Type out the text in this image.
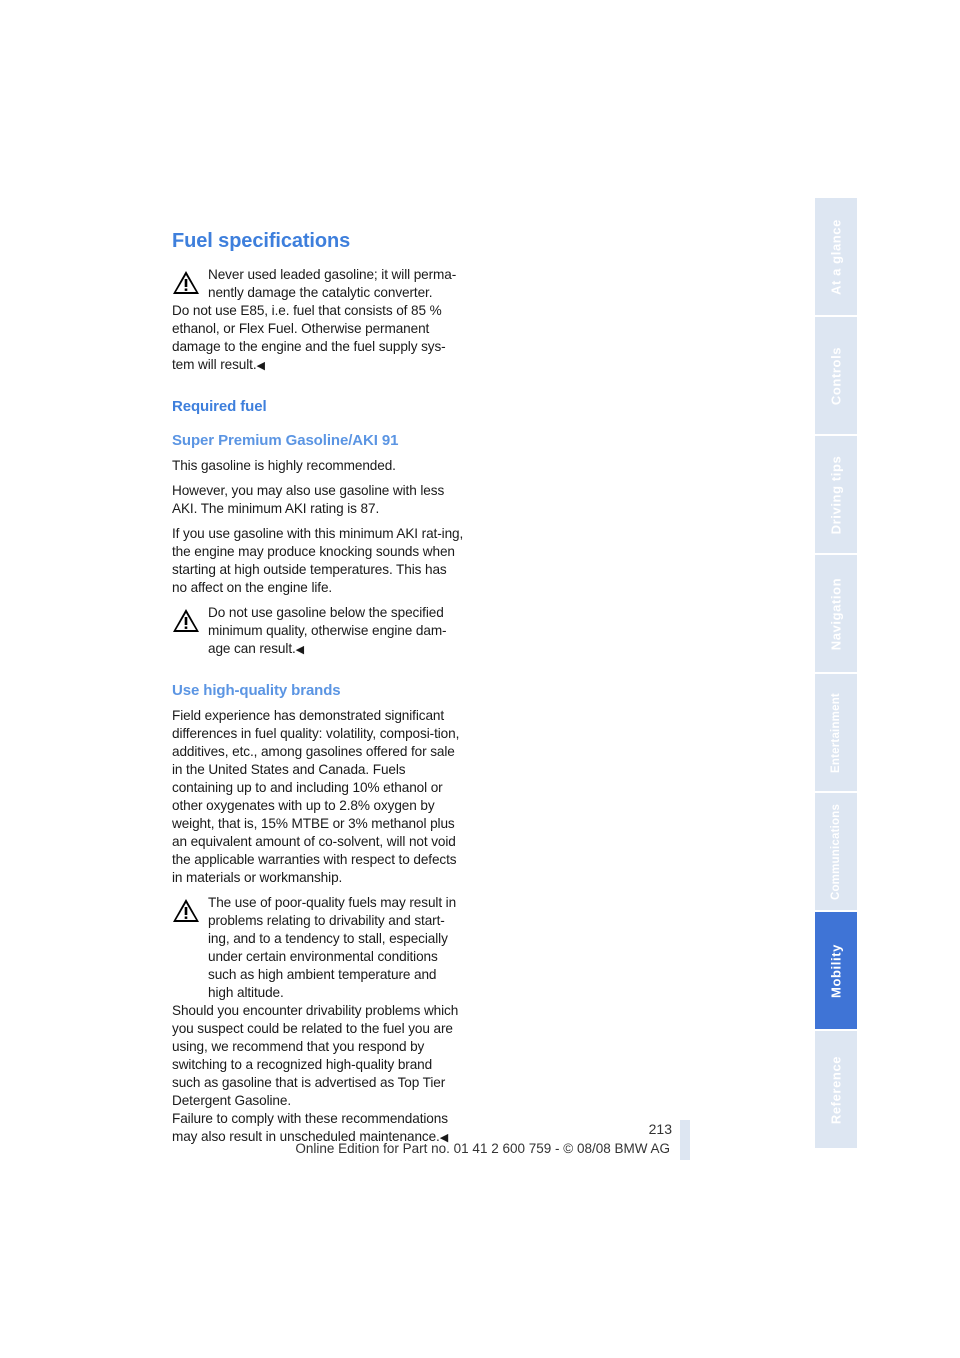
Fuel specifications
Never used leaded gasoline; it will perma-nently damage the catalytic converter.

Do not use E85, i.e. fuel that consists of 85 % ethanol, or Flex Fuel. Otherwise permanent damage to the engine and the fuel supply sys-tem will result.◀

Required fuel
Super Premium Gasoline/AKI 91

This gasoline is highly recommended.

However, you may also use gasoline with less AKI. The minimum AKI rating is 87.

If you use gasoline with this minimum AKI rat-ing, the engine may produce knocking sounds when starting at high outside temperatures. This has no affect on the engine life.

Do not use gasoline below the specified minimum quality, otherwise engine dam-age can result.◀
Use high-quality brands

Field experience has demonstrated significant differences in fuel quality: volatility, composi-tion, additives, etc., among gasolines offered for sale in the United States and Canada. Fuels containing up to and including 10% ethanol or other oxygenates with up to 2.8% oxygen by weight, that is, 15% MTBE or 3% methanol plus an equivalent amount of co-solvent, will not void the applicable warranties with respect to defects in materials or workmanship.

The use of poor-quality fuels may result in problems relating to drivability and start-ing, and to a tendency to stall, especially under certain environmental conditions such as high ambient temperature and high altitude.

Should you encounter drivability problems which you suspect could be related to the fuel you are using, we recommend that you respond by switching to a recognized high-quality brand such as gasoline that is advertised as Top Tier Detergent Gasoline.

Failure to comply with these recommendations may also result in unscheduled maintenance.◀

At a glance
Controls
Driving tips
Navigation
Entertainment
Communications
Mobility
Reference
213
Online Edition for Part no. 01 41 2 600 759 - © 08/08 BMW AG
